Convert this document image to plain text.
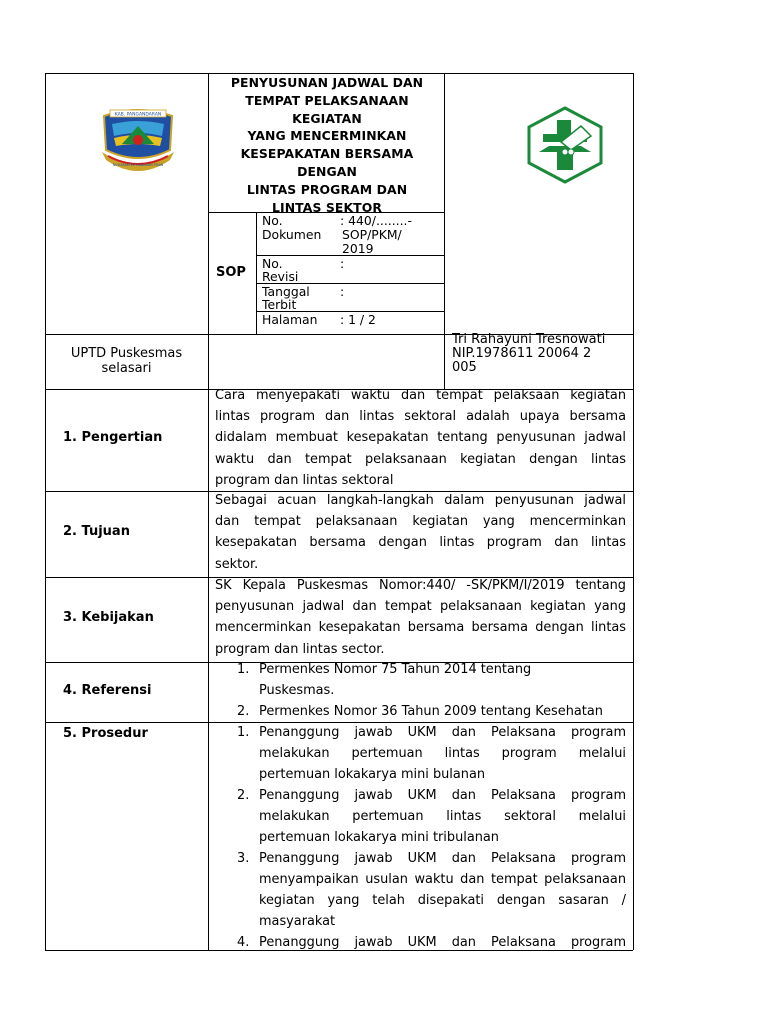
KAB. PANGANDARAN
NU KARAKTER MANGGAN PISAN
PENYUSUNAN JADWAL DAN
TEMPAT PELAKSANAAN
KEGIATAN
YANG MENCERMINKAN
KESEPAKATAN BERSAMA
DENGAN
LINTAS PROGRAM DAN
LINTAS SEKTOR
SOP
No.
Dokumen
: 440/........-
SOP/PKM/
2019
No.
Revisi
:
Tanggal
Terbit
:
Halaman : 1 / 2
UPTD Puskesmas
selasari
Tri Rahayuni Tresnowati
NIP.1978611 20064 2
005
1. Pengertian
Cara menyepakati waktu dan tempat pelaksaan kegiatan
lintas program dan lintas sektoral adalah upaya bersama
didalam membuat kesepakatan tentang penyusunan jadwal
waktu dan tempat pelaksanaan kegiatan dengan lintas
program dan lintas sektoral
2. Tujuan
Sebagai acuan langkah-langkah dalam penyusunan jadwal
dan tempat pelaksanaan kegiatan yang mencerminkan
kesepakatan bersama dengan lintas program dan lintas
sektor.
3. Kebijakan
SK Kepala Puskesmas Nomor:440/ -SK/PKM/I/2019 tentang
penyusunan jadwal dan tempat pelaksanaan kegiatan yang
mencerminkan kesepakatan bersama bersama dengan lintas
program dan lintas sector.
4. Referensi
1. Permenkes Nomor 75 Tahun 2014 tentang
Puskesmas.
2. Permenkes Nomor 36 Tahun 2009 tentang Kesehatan
5. Prosedur	1. Penanggung jawab UKM dan Pelaksana program
melakukan pertemuan lintas program melalui
pertemuan lokakarya mini bulanan
2. Penanggung jawab UKM dan Pelaksana program
melakukan pertemuan lintas sektoral melalui
pertemuan lokakarya mini tribulanan
3. Penanggung jawab UKM dan Pelaksana program
menyampaikan usulan waktu dan tempat pelaksanaan
kegiatan yang telah disepakati dengan sasaran /
masyarakat
4. Penanggung jawab UKM dan Pelaksana program
